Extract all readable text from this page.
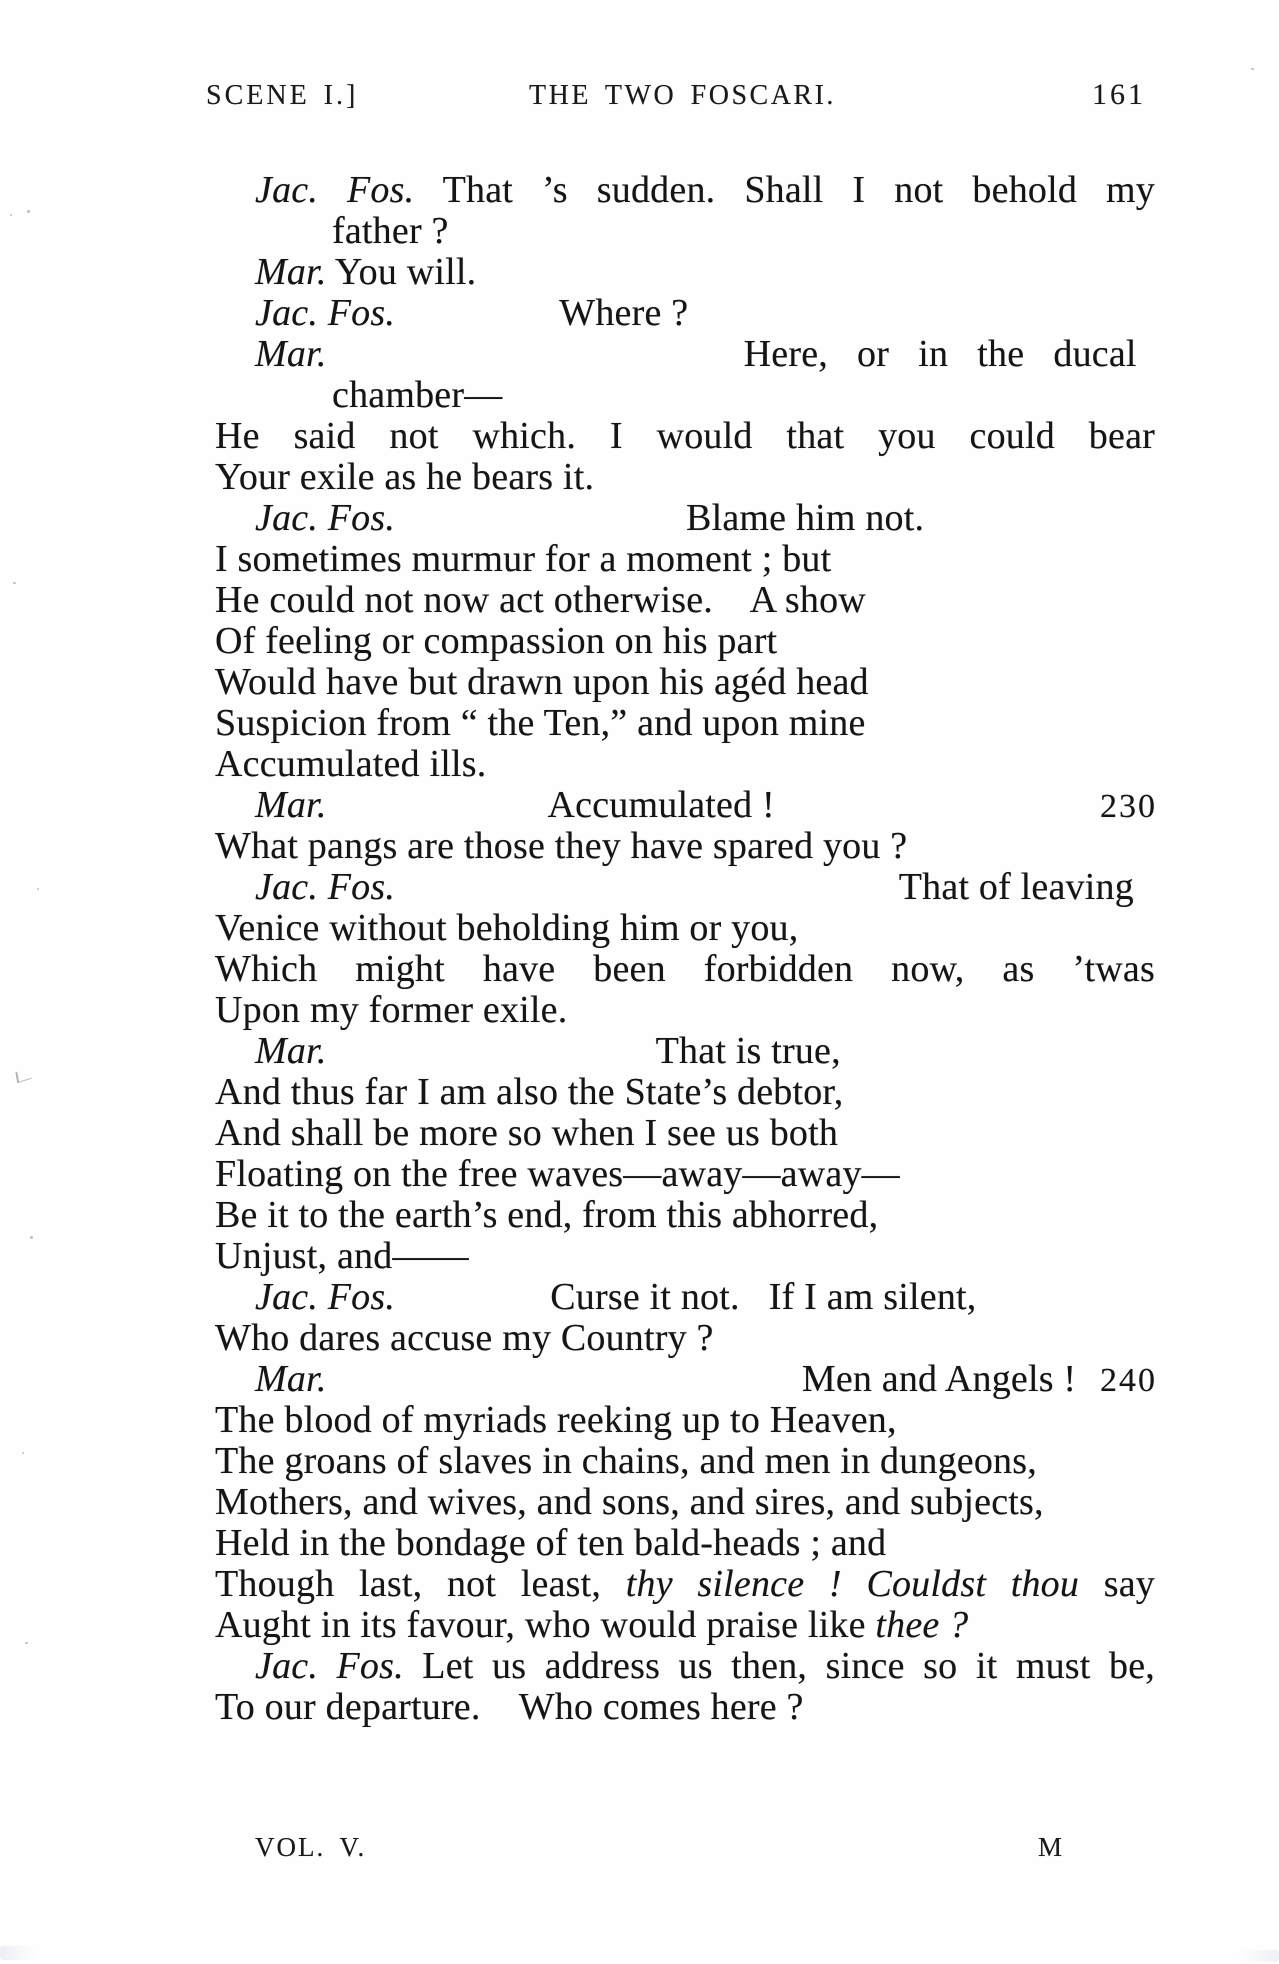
SCENE I.]	THE TWO FOSCARI.	161
Jac. Fos. That ’s sudden. Shall I not behold my
father ?
Mar. You will.
Jac. Fos.                 Where ?
Mar.                                           Here,   or   in   the   ducal
chamber—
He said not which. I would that you could bear
Your exile as he bears it.
Jac. Fos.                              Blame him not.
I sometimes murmur for a moment ; but
He could not now act otherwise.    A show
Of feeling or compassion on his part
Would have but drawn upon his agéd head
Suspicion from “ the Ten,” and upon mine
Accumulated ills.
Mar.                       Accumulated !	230
What pangs are those they have spared you ?
Jac. Fos.                                                    That of leaving
Venice without beholding him or you,
Which might have been forbidden now, as ’twas
Upon my former exile.
Mar.                                  That is true,
And thus far I am also the State’s debtor,
And shall be more so when I see us both
Floating on the free waves—away—away—
Be it to the earth’s end, from this abhorred,
Unjust, and——
Jac. Fos.                Curse it not.   If I am silent,
Who dares accuse my Country ?
Mar.                                                 Men and Angels ! 240
The blood of myriads reeking up to Heaven,
The groans of slaves in chains, and men in dungeons,
Mothers, and wives, and sons, and sires, and subjects,
Held in the bondage of ten bald-heads ; and
Though last, not least, thy silence ! Couldst thou say
Aught in its favour, who would praise like thee ?
Jac. Fos. Let us address us then, since so it must be,
To our departure.    Who comes here ?
VOL. V.	M
